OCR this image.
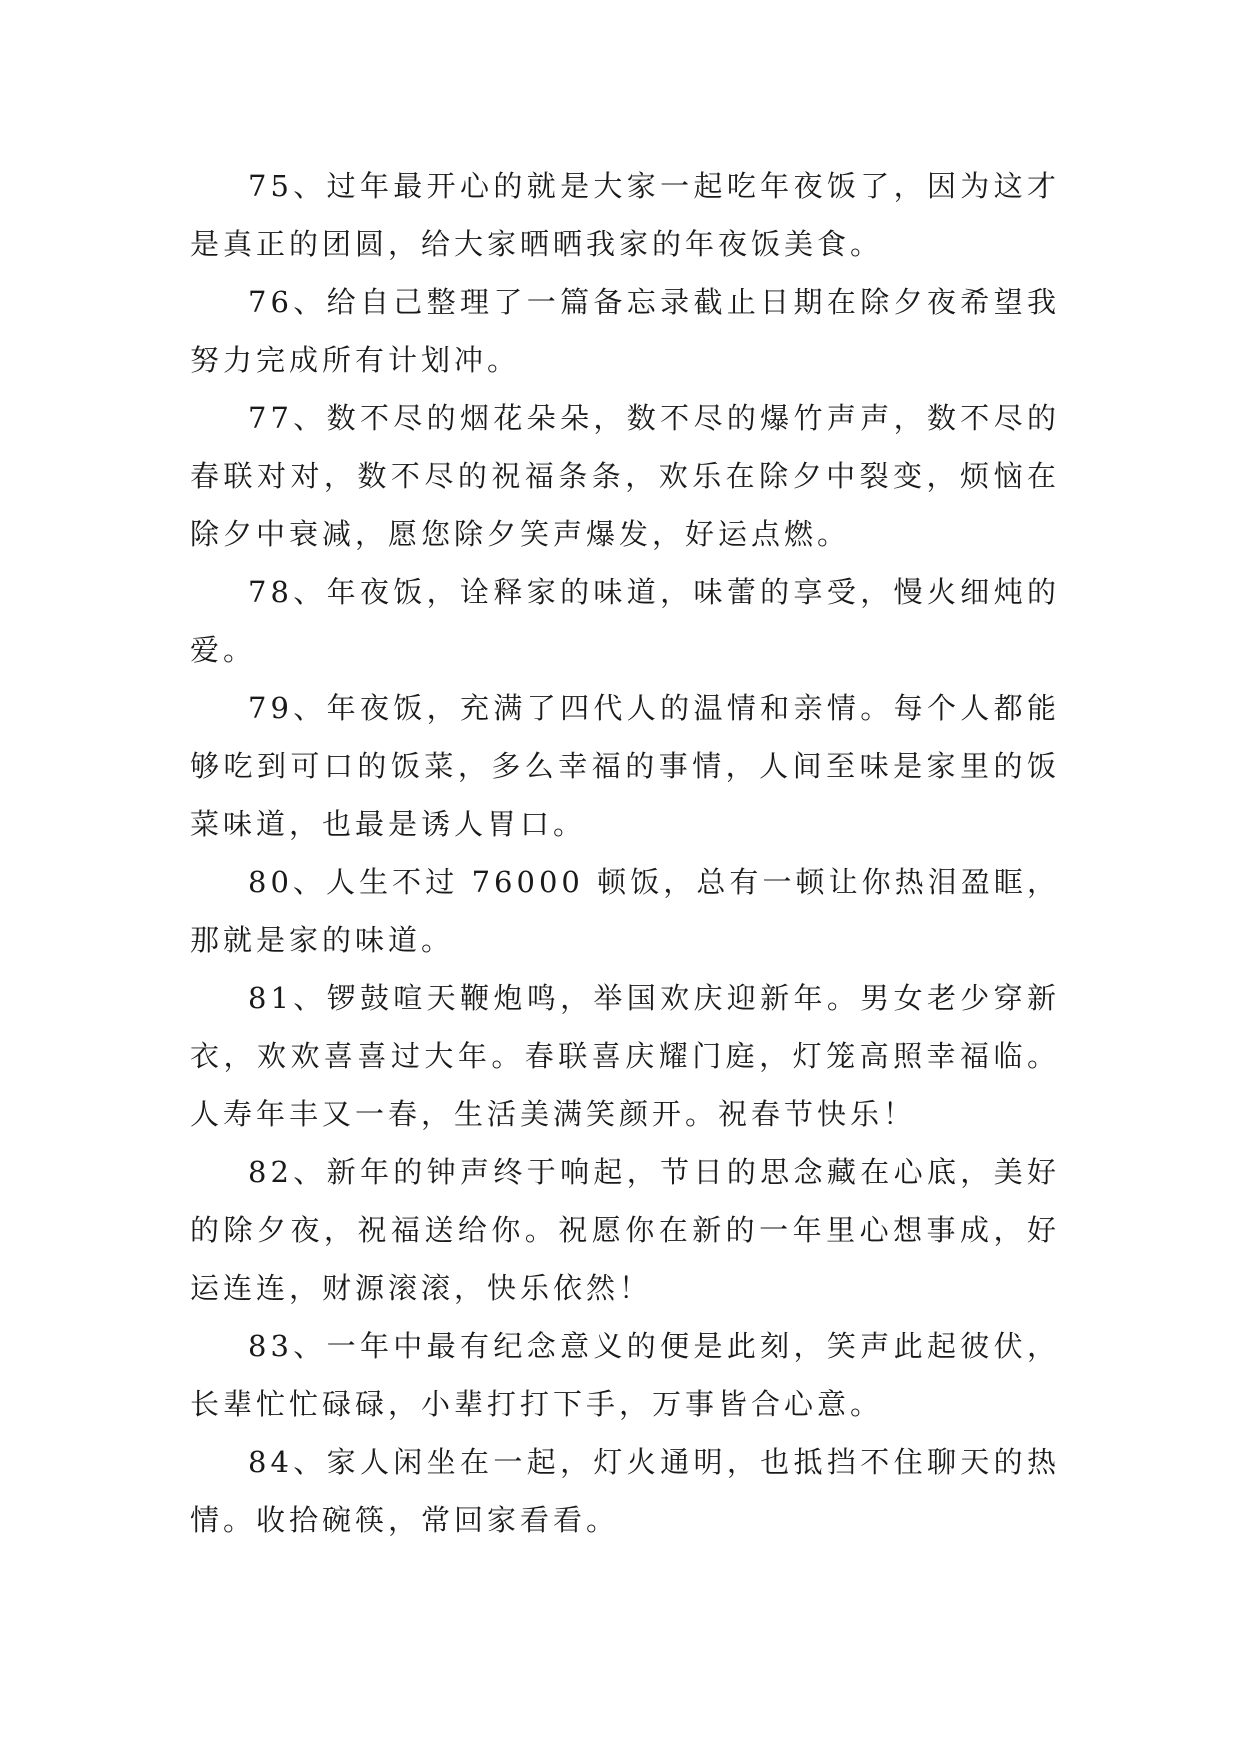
75、过年最开心的就是大家一起吃年夜饭了，因为这才是真正的团圆，给大家晒晒我家的年夜饭美食。

76、给自己整理了一篇备忘录截止日期在除夕夜希望我努力完成所有计划冲。

77、数不尽的烟花朵朵，数不尽的爆竹声声，数不尽的春联对对，数不尽的祝福条条，欢乐在除夕中裂变，烦恼在除夕中衰减，愿您除夕笑声爆发，好运点燃。

78、年夜饭，诠释家的味道，味蕾的享受，慢火细炖的爱。

79、年夜饭，充满了四代人的温情和亲情。每个人都能够吃到可口的饭菜，多么幸福的事情，人间至味是家里的饭菜味道，也最是诱人胃口。

80、人生不过 76000 顿饭，总有一顿让你热泪盈眶，那就是家的味道。

81、锣鼓喧天鞭炮鸣，举国欢庆迎新年。男女老少穿新衣，欢欢喜喜过大年。春联喜庆耀门庭，灯笼高照幸福临。人寿年丰又一春，生活美满笑颜开。祝春节快乐！

82、新年的钟声终于响起，节日的思念藏在心底，美好的除夕夜，祝福送给你。祝愿你在新的一年里心想事成，好运连连，财源滚滚，快乐依然！

83、一年中最有纪念意义的便是此刻，笑声此起彼伏，长辈忙忙碌碌，小辈打打下手，万事皆合心意。

84、家人闲坐在一起，灯火通明，也抵挡不住聊天的热情。收拾碗筷，常回家看看。
